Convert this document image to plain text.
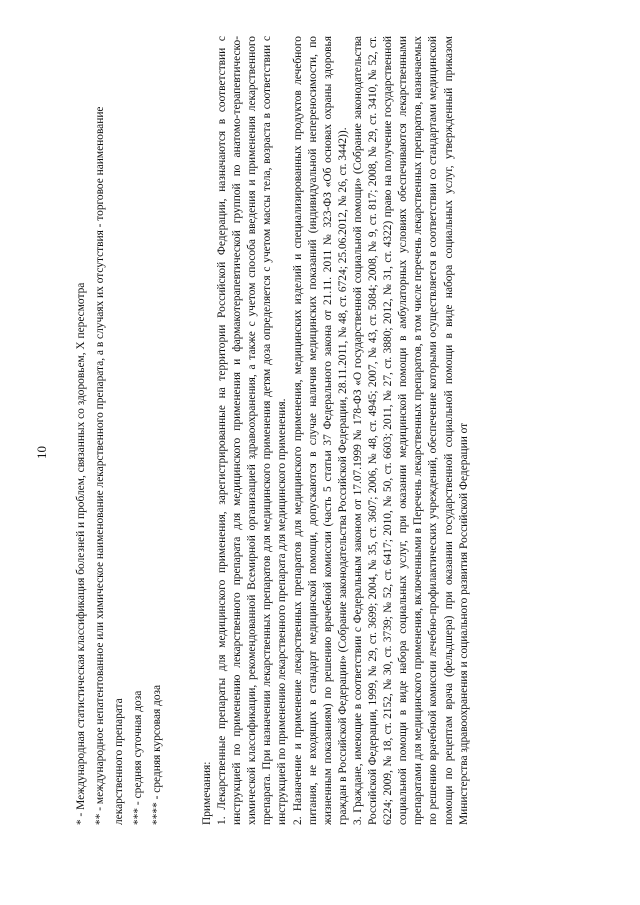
10 * - Международная статистическая классификация болезней и проблем, связанных со здоровьем, X пересмотра ** - международное непатентованное или химическое наименование лекарственного препарата, а в случаях их отсутствия - торговое наименование лекарственного препарата *** - средняя суточная доза **** - средняя курсовая доза	Примечания: 1. Лекарственные препараты для медицинского применения, зарегистрированные на территории Российской Федерации, назначаются в соответствии с инструкцией по применению лекарственного препарата для медицинского применения и фармакотерапевтической группой по анатомо-терапевтическо-химической классификации, рекомендованной Всемирной организацией здравоохранения, а также с учетом способа введения и применения лекарственного препарата. При назначении лекарственных препаратов для медицинского применения детям доза определяется с учетом массы тела, возраста в соответствии с инструкцией по применению лекарственного препарата для медицинского применения. 2. Назначение и применение лекарственных препаратов для медицинского применения, медицинских изделий и специализированных продуктов лечебного питания, не входящих в стандарт медицинской помощи, допускаются в случае наличия медицинских показаний (индивидуальной непереносимости, по жизненным показаниям) по решению врачебной комиссии (часть 5 статьи 37 Федерального закона от 21.11. 2011 № 323-ФЗ «Об основах охраны здоровья граждан в Российской Федерации» (Собрание законодательства Российской Федерации, 28.11.2011, № 48, ст. 6724; 25.06.2012, № 26, ст. 3442)). 3. Граждане, имеющие в соответствии с Федеральным законом от 17.07.1999 № 178-ФЗ «О государственной социальной помощи» (Собрание законодательства Российской Федерации, 1999, № 29, ст. 3699; 2004, № 35, ст. 3607; 2006, № 48, ст. 4945; 2007, № 43, ст. 5084; 2008, № 9, ст. 817; 2008, № 29, ст. 3410, № 52, ст. 6224; 2009, № 18, ст. 2152, № 30, ст. 3739; № 52, ст. 6417; 2010, № 50, ст. 6603; 2011, № 27, ст. 3880; 2012, № 31, ст. 4322) право на получение государственной социальной помощи в виде набора социальных услуг, при оказании медицинской помощи в амбулаторных условиях обеспечиваются лекарственными препаратами для медицинского применения, включенными в Перечень лекарственных препаратов, в том числе перечень лекарственных препаратов, назначаемых по решению врачебной комиссии лечебно-профилактических учреждений, обеспечение которыми осуществляется в соответствии со стандартами медицинской помощи по рецептам врача (фельдшера) при оказании государственной социальной помощи в виде набора социальных услуг, утвержденный приказом Министерства здравоохранения и социального развития Российской Федерации от
